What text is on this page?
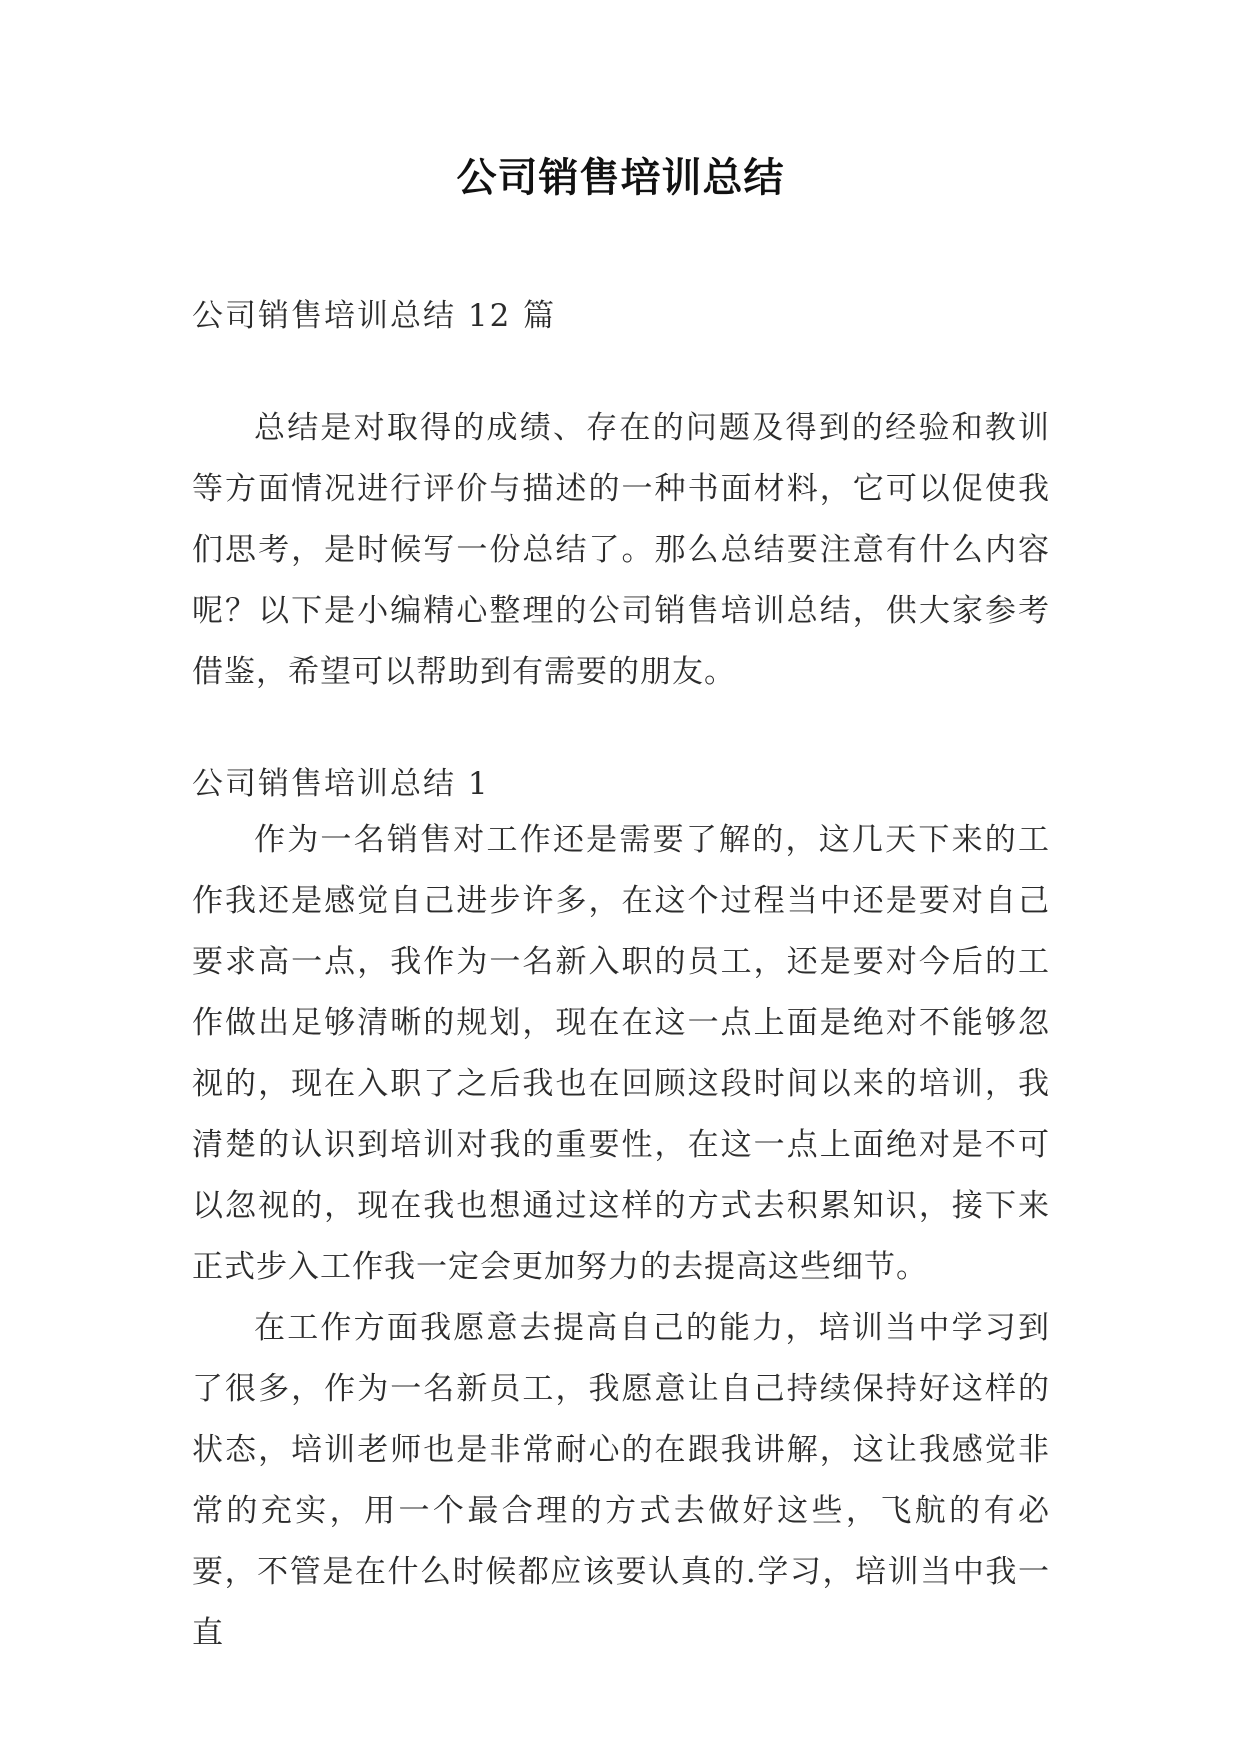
公司销售培训总结
公司销售培训总结 12 篇

总结是对取得的成绩、存在的问题及得到的经验和教训等方面情况进行评价与描述的一种书面材料，它可以促使我们思考，是时候写一份总结了。那么总结要注意有什么内容呢？以下是小编精心整理的公司销售培训总结，供大家参考借鉴，希望可以帮助到有需要的朋友。

公司销售培训总结 1

作为一名销售对工作还是需要了解的，这几天下来的工作我还是感觉自己进步许多，在这个过程当中还是要对自己要求高一点，我作为一名新入职的员工，还是要对今后的工作做出足够清晰的规划，现在在这一点上面是绝对不能够忽视的，现在入职了之后我也在回顾这段时间以来的培训，我清楚的认识到培训对我的重要性，在这一点上面绝对是不可以忽视的，现在我也想通过这样的方式去积累知识，接下来正式步入工作我一定会更加努力的去提高这些细节。

在工作方面我愿意去提高自己的能力，培训当中学习到了很多，作为一名新员工，我愿意让自己持续保持好这样的状态，培训老师也是非常耐心的在跟我讲解，这让我感觉非常的充实，用一个最合理的方式去做好这些，飞航的有必要，不管是在什么时候都应该要认真的.学习，培训当中我一直
